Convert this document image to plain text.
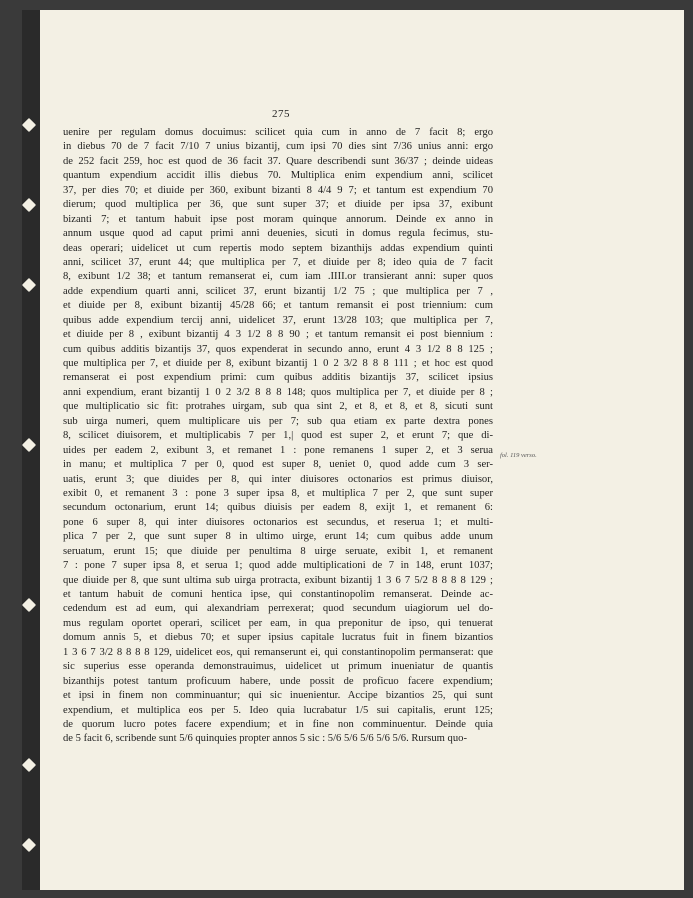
275
uenire per regulam domus docuimus: scilicet quia cum in anno de 7 facit 8; ergo
in diebus 70 de 7 facit 7/10 7 unius bizantij, cum ipsi 70 dies sint 7/36 unius anni: ergo
de 252 facit 259, hoc est quod de 36 facit 37. Quare describendi sunt 36/37 ; deinde uideas
quantum expendium accidit illis diebus 70. Multiplica enim expendium anni, scilicet
37, per dies 70; et diuide per 360, exibunt bizanti 8 4/4 9 7; et tantum est expendium 70
dierum; quod multiplica per 36, que sunt super 37; et diuide per ipsa 37, exibunt
bizanti 7; et tantum habuit ipse post moram quinque annorum. Deinde ex anno in
annum usque quod ad caput primi anni deuenies, sicuti in domus regula fecimus, stu-
deas operari; uidelicet ut cum repertis modo septem bizanthijs addas expendium quinti
anni, scilicet 37, erunt 44; que multiplica per 7, et diuide per 8; ideo quia de 7 facit
8, exibunt 1/2 38; et tantum remanserat ei, cum iam .IIII.or transierant anni: super quos
adde expendium quarti anni, scilicet 37, erunt bizantij 1/2 75 ; que multiplica per 7 ,
et diuide per 8, exibunt bizantij 45/28 66; et tantum remansit ei post triennium: cum
quibus adde expendium tercij anni, uidelicet 37, erunt 13/28 103; que multiplica per 7,
et diuide per 8 , exibunt bizantij 4 3 1/2 8 8 90 ; et tantum remansit ei post biennium :
cum quibus additis bizantijs 37, quos expenderat in secundo anno, erunt 4 3 1/2 8 8 125 ;
que multiplica per 7, et diuide per 8, exibunt bizantij 1 0 2 3/2 8 8 8 111 ; et hoc est quod
remanserat ei post expendium primi: cum quibus additis bizantijs 37, scilicet ipsius
anni expendium, erant bizantij 1 0 2 3/2 8 8 8 148; quos multiplica per 7, et diuide per 8 ;
que multiplicatio sic fit: protrahes uirgam, sub qua sint 2, et 8, et 8, et 8, sicuti sunt
sub uirga numeri, quem multiplicare uis per 7; sub qua etiam ex parte dextra pones
8, scilicet diuisorem, et multiplicabis 7 per 1,| quod est super 2, et erunt 7; que di-
uides per eadem 2, exibunt 3, et remanet 1 : pone remanens 1 super 2, et 3 serua
in manu; et multiplica 7 per 0, quod est super 8, ueniet 0, quod adde cum 3 ser-
uatis, erunt 3; que diuides per 8, qui inter diuisores octonarios est primus diuisor,
exibit 0, et remanent 3 : pone 3 super ipsa 8, et multiplica 7 per 2, que sunt super
secundum octonarium, erunt 14; quibus diuisis per eadem 8, exijt 1, et remanent 6:
pone 6 super 8, qui inter diuisores octonarios est secundus, et reserua 1; et multi-
plica 7 per 2, que sunt super 8 in ultimo uirge, erunt 14; cum quibus adde unum
seruatum, erunt 15; que diuide per penultima 8 uirge seruate, exibit 1, et remanent
7 : pone 7 super ipsa 8, et serua 1; quod adde multiplicationi de 7 in 148, erunt 1037;
que diuide per 8, que sunt ultima sub uirga protracta, exibunt bizantij 1 3 6 7 5/2 8 8 8 8 129 ;
et tantum habuit de comuni hentica ipse, qui constantinopolim remanserat. Deinde ac-
cedendum est ad eum, qui alexandriam perrexerat; quod secundum uiagiorum uel do-
mus regulam oportet operari, scilicet per eam, in qua preponitur de ipso, qui tenuerat
domum annis 5, et diebus 70; et super ipsius capitale lucratus fuit in finem bizantios
1 3 6 7 3/2 8 8 8 8 129, uidelicet eos, qui remanserunt ei, qui constantinopolim permanserat: que
sic superius esse operanda demonstrauimus, uidelicet ut primum inueniatur de quantis
bizanthijs potest tantum proficuum habere, unde possit de proficuo facere expendium;
et ipsi in finem non comminuantur; qui sic inuenientur. Accipe bizantios 25, qui sunt
expendium, et multiplica eos per 5. Ideo quia lucrabatur 1/5 sui capitalis, erunt 125;
de quorum lucro potes facere expendium; et in fine non comminuentur. Deinde quia
de 5 facit 6, scribende sunt 5/6 quinquies propter annos 5 sic : 5/6 5/6 5/6 5/6 5/6. Rursum quo-
fol. 119 verso.
